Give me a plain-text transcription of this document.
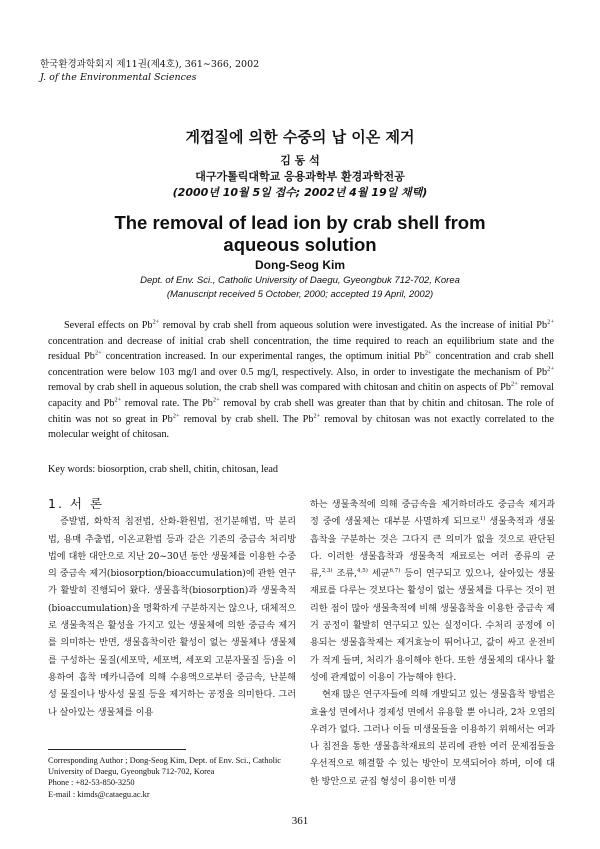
한국환경과학회지 제11권(제4호), 361∼366, 2002
J. of the Environmental Sciences
게껍질에 의한 수중의 납 이온 제거
김 동 석
대구가톨릭대학교 응용과학부 환경과학전공
(2000년 10월 5일 접수; 2002년 4월 19일 채택)
The removal of lead ion by crab shell from
aqueous solution
Dong-Seog Kim
Dept. of Env. Sci., Catholic University of Daegu, Gyeongbuk 712-702, Korea
(Manuscript received 5 October, 2000; accepted 19 April, 2002)

Several effects on $Pb^{2+}$ removal by crab shell from aqueous solution were investigated. As the increase of initial $Pb^{2+}$ concentration and decrease of initial crab shell concentration, the time required to reach an equilibrium state and the residual $Pb^{2+}$ concentration increased. In our experimental ranges, the optimum initial $Pb^{2+}$ concentration and crab shell concentration were below 103 mg/l and over 0.5 mg/l, respectively. Also, in order to investigate the mechanism of $Pb^{2+}$ removal by crab shell in aqueous solution, the crab shell was compared with chitosan and chitin on aspects of $Pb^{2+}$ removal capacity and $Pb^{2+}$ removal rate. The $Pb^{2+}$ removal by crab shell was greater than that by chitin and chitosan. The role of chitin was not so great in $Pb^{2+}$ removal by crab shell. The $Pb^{2+}$ removal by chitosan was not exactly correlated to the molecular weight of chitosan.

Key words: biosorption, crab shell, chitin, chitosan, lead

1. 서 론

증발법, 화학적 침전법, 산화-환원법, 전기분해법, 막 분리법, 용매 추출법, 이온교환법 등과 같은 기존의 중금속 처리방법에 대한 대안으로 지난 20~30년 동안 생물체를 이용한 수중의 중금속 제거(biosorption/bioaccumulation)에 관한 연구가 활발히 진행되어 왔다. 생물흡착(biosorption)과 생물축적(bioaccumulation)을 명확하게 구분하지는 않으나, 대체적으로 생물축적은 활성을 가지고 있는 생물체에 의한 중금속 제거를 의미하는 반면, 생물흡착이란 활성이 없는 생물체나 생물체를 구성하는 물질(세포막, 세포벽, 세포외 고분자물질 등)을 이용하여 흡착 메카니즘에 의해 수용액으로부터 중금속, 난분해성 물질이나 방사성 물질 등을 제거하는 공정을 의미한다. 그러나 살아있는 생물체를 이용

하는 생물축적에 의해 중금속을 제거하더라도 중금속 제거과정 중에 생물체는 대부분 사멸하게 되므로$^{1)}$ 생물축적과 생물흡착을 구분하는 것은 그다지 큰 의미가 없을 것으로 판단된다. 이러한 생물흡착과 생물축적 재료로는 여러 종류의 균류,$^{2,3)}$ 조류,$^{4,5)}$ 세균$^{6,7)}$ 등이 연구되고 있으나, 살아있는 생물재료를 다루는 것보다는 활성이 없는 생물체를 다루는 것이 편리한 점이 많아 생물축적에 비해 생물흡착을 이용한 중금속 제거 공정이 활발히 연구되고 있는 실정이다. 수처리 공정에 이용되는 생물흡착제는 제거효능이 뛰어나고, 값이 싸고 운전비가 적게 들며, 처리가 용이해야 한다. 또한 생물체의 대사나 활성에 관계없이 이용이 가능해야 한다.

현재 많은 연구자들에 의해 개발되고 있는 생물흡착 방법은 효율성 면에서나 경제성 면에서 유용할 뿐 아니라, 2차 오염의 우려가 없다. 그러나 이들 미생물들을 이용하기 위해서는 여과나 침전을 통한 생물흡착재료의 분리에 관한 여러 문제점들을 우선적으로 해결할 수 있는 방안이 모색되어야 하며, 이에 대한 방안으로 균집 형성이 용이한 미생

Corresponding Author ; Dong-Seog Kim, Dept. of Env. Sci., Catholic University of Daegu, Gyeongbuk 712-702, Korea

Phone : +82-53-850-3250

E-mail : kimds@cataegu.ac.kr

361
